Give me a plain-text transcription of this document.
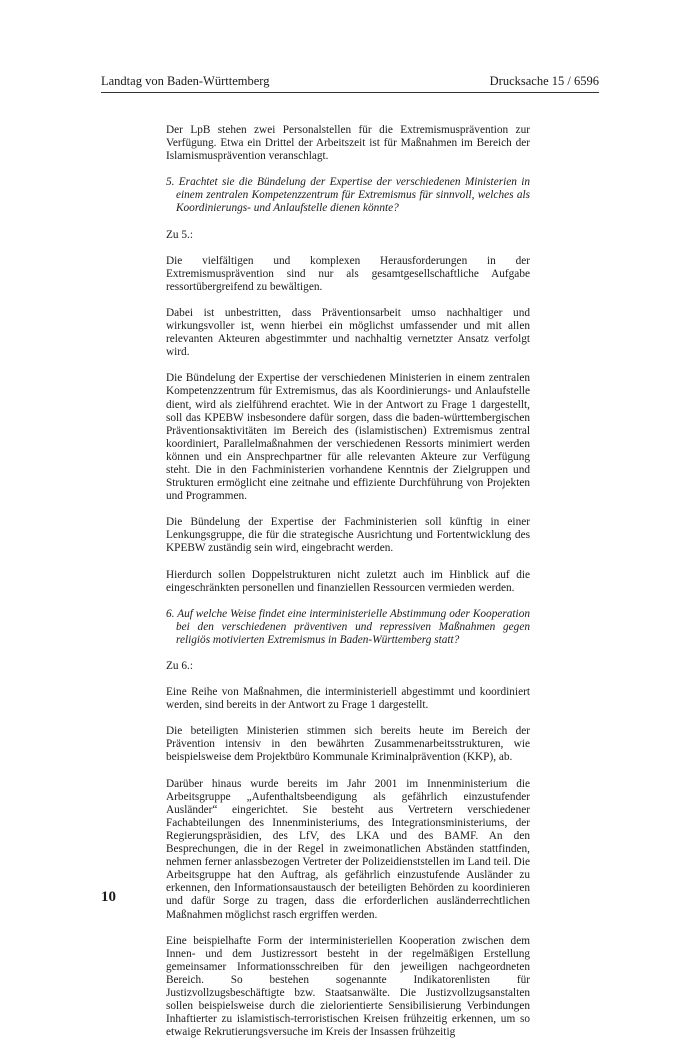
Landtag von Baden-Württemberg	Drucksache 15 / 6596

Der LpB stehen zwei Personalstellen für die Extremismusprävention zur Verfügung. Etwa ein Drittel der Arbeitszeit ist für Maßnahmen im Bereich der Islamismusprävention veranschlagt.

5. Erachtet sie die Bündelung der Expertise der verschiedenen Ministerien in einem zentralen Kompetenzzentrum für Extremismus für sinnvoll, welches als Koordinierungs- und Anlaufstelle dienen könnte?

Zu 5.:

Die vielfältigen und komplexen Herausforderungen in der Extremismusprävention sind nur als gesamtgesellschaftliche Aufgabe ressortübergreifend zu bewältigen.

Dabei ist unbestritten, dass Präventionsarbeit umso nachhaltiger und wirkungsvoller ist, wenn hierbei ein möglichst umfassender und mit allen relevanten Akteuren abgestimmter und nachhaltig vernetzter Ansatz verfolgt wird.

Die Bündelung der Expertise der verschiedenen Ministerien in einem zentralen Kompetenzzentrum für Extremismus, das als Koordinierungs- und Anlaufstelle dient, wird als zielführend erachtet. Wie in der Antwort zu Frage 1 dargestellt, soll das KPEBW insbesondere dafür sorgen, dass die baden-württembergischen Präventionsaktivitäten im Bereich des (islamistischen) Extremismus zentral koordiniert, Parallelmaßnahmen der verschiedenen Ressorts minimiert werden können und ein Ansprechpartner für alle relevanten Akteure zur Verfügung steht. Die in den Fachministerien vorhandene Kenntnis der Zielgruppen und Strukturen ermöglicht eine zeitnahe und effiziente Durchführung von Projekten und Programmen.

Die Bündelung der Expertise der Fachministerien soll künftig in einer Lenkungsgruppe, die für die strategische Ausrichtung und Fortentwicklung des KPEBW zuständig sein wird, eingebracht werden.

Hierdurch sollen Doppelstrukturen nicht zuletzt auch im Hinblick auf die eingeschränkten personellen und finanziellen Ressourcen vermieden werden.

6. Auf welche Weise findet eine interministerielle Abstimmung oder Kooperation bei den verschiedenen präventiven und repressiven Maßnahmen gegen religiös motivierten Extremismus in Baden-Württemberg statt?

Zu 6.:

Eine Reihe von Maßnahmen, die interministeriell abgestimmt und koordiniert werden, sind bereits in der Antwort zu Frage 1 dargestellt.

Die beteiligten Ministerien stimmen sich bereits heute im Bereich der Prävention intensiv in den bewährten Zusammenarbeitsstrukturen, wie beispielsweise dem Projektbüro Kommunale Kriminalprävention (KKP), ab.

Darüber hinaus wurde bereits im Jahr 2001 im Innenministerium die Arbeitsgruppe „Aufenthaltsbeendigung als gefährlich einzustufender Ausländer“ eingerichtet. Sie besteht aus Vertretern verschiedener Fachabteilungen des Innenministeriums, des Integrationsministeriums, der Regierungspräsidien, des LfV, des LKA und des BAMF. An den Besprechungen, die in der Regel in zweimonatlichen Abständen stattfinden, nehmen ferner anlassbezogen Vertreter der Polizeidienststellen im Land teil. Die Arbeitsgruppe hat den Auftrag, als gefährlich einzustufende Ausländer zu erkennen, den Informationsaustausch der beteiligten Behörden zu koordinieren und dafür Sorge zu tragen, dass die erforderlichen ausländerrechtlichen Maßnahmen möglichst rasch ergriffen werden.

Eine beispielhafte Form der interministeriellen Kooperation zwischen dem Innen- und dem Justizressort besteht in der regelmäßigen Erstellung gemeinsamer Informationsschreiben für den jeweiligen nachgeordneten Bereich. So bestehen sogenannte Indikatorenlisten für Justizvollzugsbeschäftigte bzw. Staatsanwälte. Die Justizvollzugsanstalten sollen beispielsweise durch die zielorientierte Sensibilisierung Verbindungen Inhaftierter zu islamistisch-terroristischen Kreisen frühzeitig erkennen, um so etwaige Rekrutierungsversuche im Kreis der Insassen frühzeitig

10
